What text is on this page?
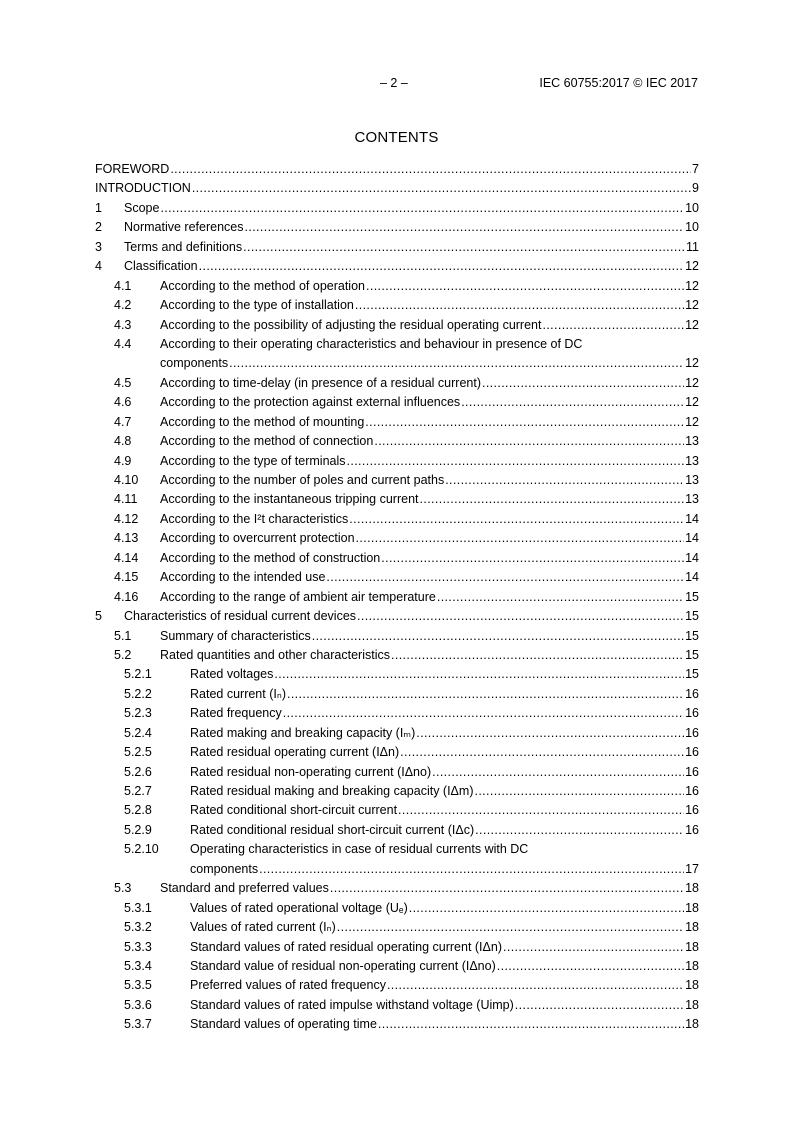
– 2 –	IEC 60755:2017 © IEC 2017
CONTENTS
FOREWORD . . .	7
INTRODUCTION . . .	9
1 Scope . . .	10
2 Normative references . . .	10
3 Terms and definitions . . .	11
4 Classification . . .	12
4.1 According to the method of operation . . .	12
4.2 According to the type of installation . . .	12
4.3 According to the possibility of adjusting the residual operating current . . .	12
4.4 According to their operating characteristics and behaviour in presence of DC
components . . .	12
4.5 According to time-delay (in presence of a residual current) . . .	12
4.6 According to the protection against external influences . . .	12
4.7 According to the method of mounting . . .	12
4.8 According to the method of connection . . .	13
4.9 According to the type of terminals . . .	13
4.10 According to the number of poles and current paths . . .	13
4.11 According to the instantaneous tripping current . . .	13
4.12 According to the I²t characteristics . . .	14
4.13 According to overcurrent protection . . .	14
4.14 According to the method of construction . . .	14
4.15 According to the intended use . . .	14
4.16 According to the range of ambient air temperature . . .	15
5 Characteristics of residual current devices . . .	15
5.1 Summary of characteristics . . .	15
5.2 Rated quantities and other characteristics . . .	15
5.2.1	Rated voltages . . .	15
5.2.2	Rated current (Iₙ) . . .	16
5.2.3	Rated frequency . . .	16
5.2.4	Rated making and breaking capacity (Iₘ) . . .	16
5.2.5	Rated residual operating current (IΔn) . . .	16
5.2.6	Rated residual non-operating current (IΔno) . . .	16
5.2.7	Rated residual making and breaking capacity (IΔm) . . .	16
5.2.8	Rated conditional short-circuit current . . .	16
5.2.9	Rated conditional residual short-circuit current (IΔc) . . .	16
5.2.10 Operating characteristics in case of residual currents with DC
components . . .	17
5.3 Standard and preferred values . . .	18
5.3.1	Values of rated operational voltage (Uₑ) . . .	18
5.3.2	Values of rated current (Iₙ) . . .	18
5.3.3	Standard values of rated residual operating current (IΔn) . . .	18
5.3.4	Standard value of residual non-operating current (IΔno) . . .	18
5.3.5	Preferred values of rated frequency . . .	18
5.3.6	Standard values of rated impulse withstand voltage (Uimp) . . .	18
5.3.7	Standard values of operating time . . .	18
